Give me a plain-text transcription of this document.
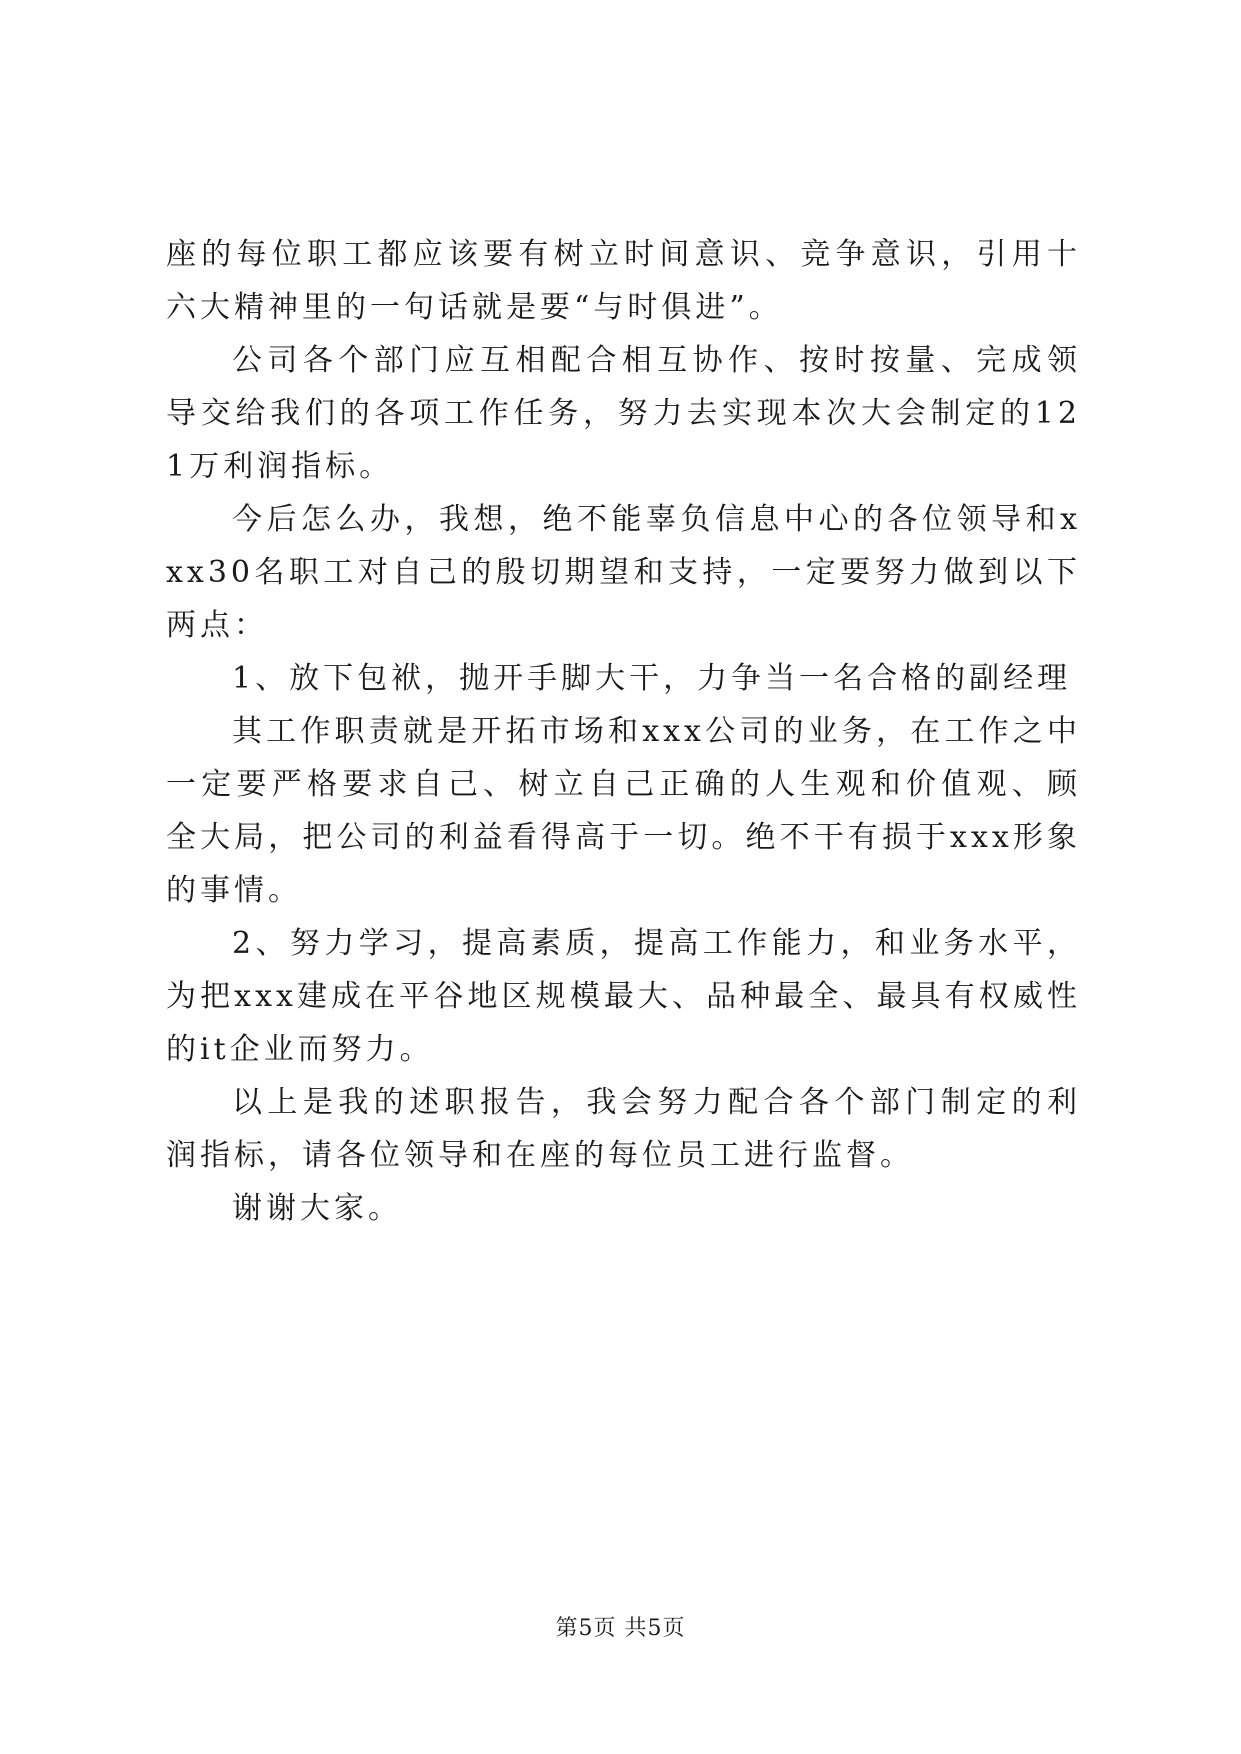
座的每位职工都应该要有树立时间意识、竞争意识，引用十六大精神里的一句话就是要“与时俱进”。

公司各个部门应互相配合相互协作、按时按量、完成领导交给我们的各项工作任务，努力去实现本次大会制定的121万利润指标。

今后怎么办，我想，绝不能辜负信息中心的各位领导和xxx30名职工对自己的殷切期望和支持，一定要努力做到以下两点：

1、放下包袱，抛开手脚大干，力争当一名合格的副经理

其工作职责就是开拓市场和xxx公司的业务，在工作之中一定要严格要求自己、树立自己正确的人生观和价值观、顾全大局，把公司的利益看得高于一切。绝不干有损于xxx形象的事情。

2、努力学习，提高素质，提高工作能力，和业务水平，为把xxx建成在平谷地区规模最大、品种最全、最具有权威性的it企业而努力。

以上是我的述职报告，我会努力配合各个部门制定的利润指标，请各位领导和在座的每位员工进行监督。

谢谢大家。

第5页 共5页
